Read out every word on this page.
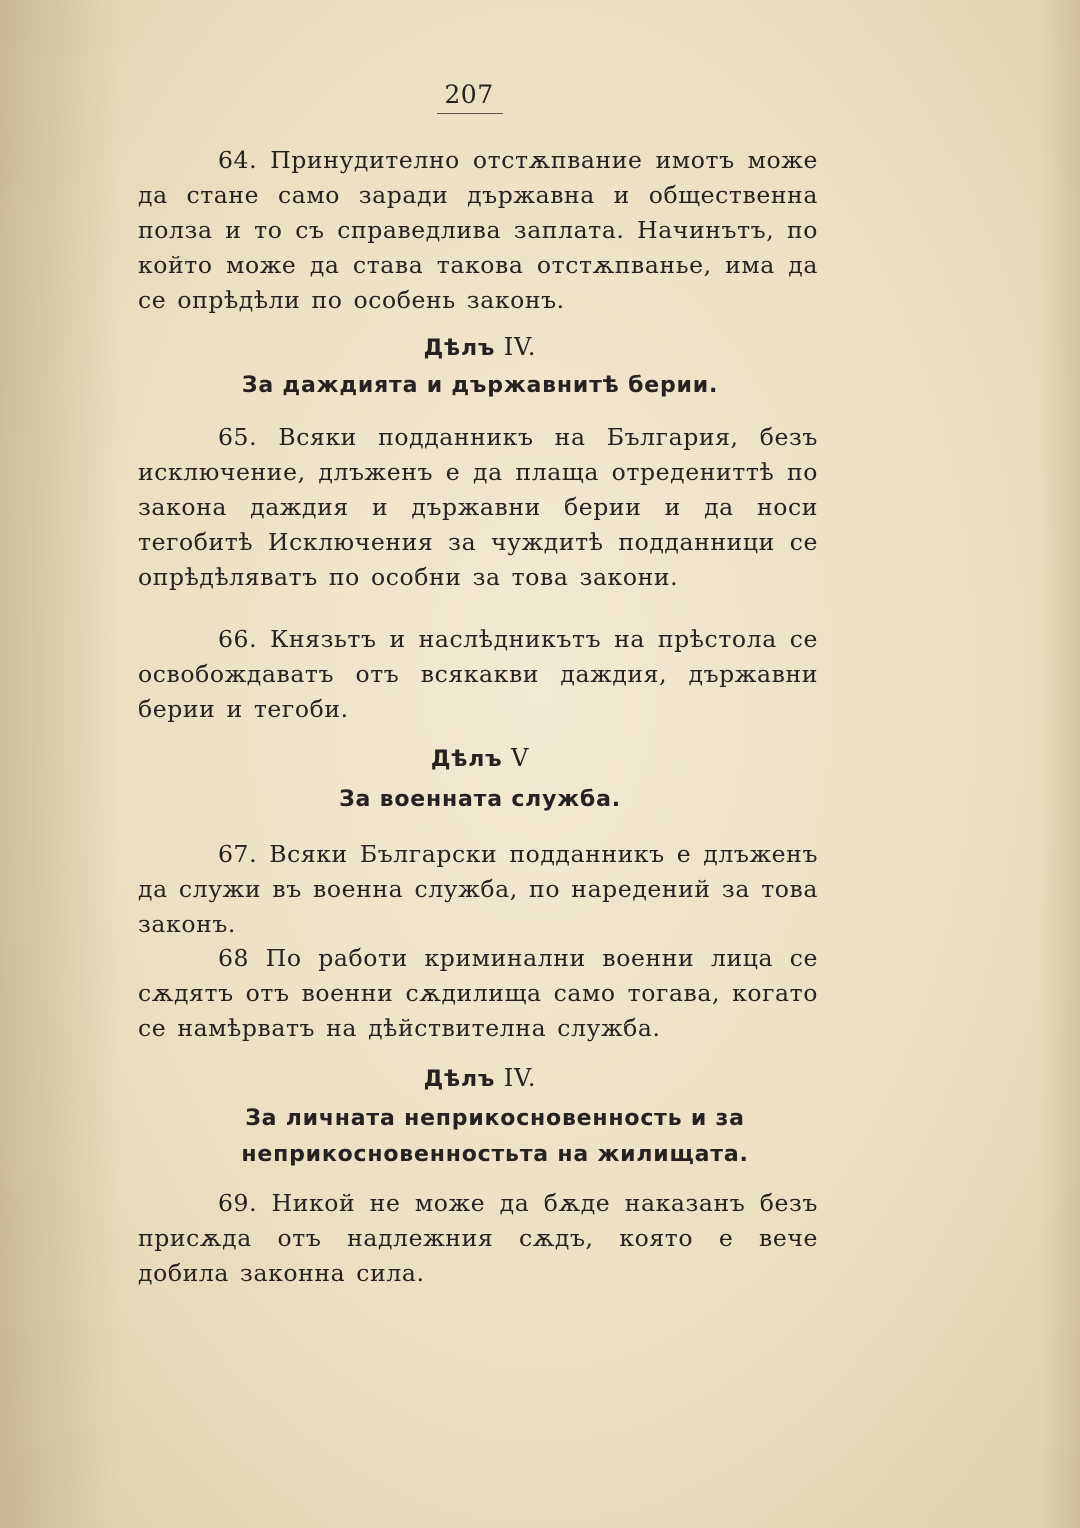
207

64. Принудително отстѫпвание имотъ може да стане само заради държавна и общественна полза и то съ справедлива заплата. Начинътъ, по който може да става такова отстѫпванье, има да се опрѣдѣли по особень законъ.

Дѣлъ IV.
За даждията и държавнитѣ берии.

65. Всяки подданникъ на България, безъ исключение, длъженъ е да плаща отредениттѣ по закона даждия и държавни берии и да носи тегобитѣ Исключения за чуждитѣ подданници се опрѣдѣляватъ по особни за това закони.

66. Князьтъ и наслѣдникътъ на прѣстола се освобождаватъ отъ всякакви даждия, държавни берии и тегоби.

Дѣлъ V
За военната служба.

67. Всяки Български подданникъ е длъженъ да служи въ военна служба, по наредений за това законъ.

68 По работи криминални военни лица се сѫдятъ отъ военни сѫдилища само тогава, когато се намѣрватъ на дѣйствителна служба.

Дѣлъ IV.
За личната неприкосновенность и за неприкосновенностьта на жилищата.

69. Никой не може да бѫде наказанъ безъ присѫда отъ надлежния сѫдъ, която е вече добила законна сила.
